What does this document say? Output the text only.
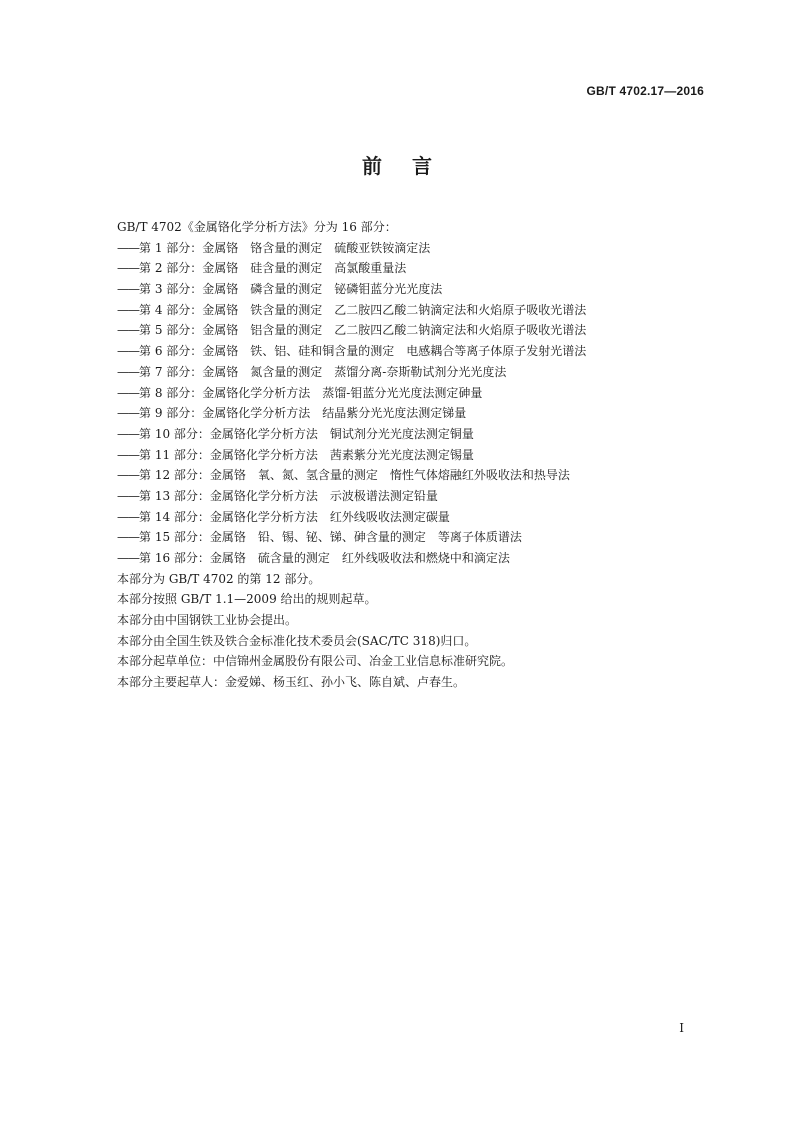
GB/T 4702.17—2016
前言
GB/T 4702《金属铬化学分析方法》分为 16 部分：
——第 1 部分：金属铬　铬含量的测定　硫酸亚铁铵滴定法
——第 2 部分：金属铬　硅含量的测定　高氯酸重量法
——第 3 部分：金属铬　磷含量的测定　铋磷钼蓝分光光度法
——第 4 部分：金属铬　铁含量的测定　乙二胺四乙酸二钠滴定法和火焰原子吸收光谱法
——第 5 部分：金属铬　铝含量的测定　乙二胺四乙酸二钠滴定法和火焰原子吸收光谱法
——第 6 部分：金属铬　铁、铝、硅和铜含量的测定　电感耦合等离子体原子发射光谱法
——第 7 部分：金属铬　氮含量的测定　蒸馏分离-奈斯勒试剂分光光度法
——第 8 部分：金属铬化学分析方法　蒸馏-钼蓝分光光度法测定砷量
——第 9 部分：金属铬化学分析方法　结晶紫分光光度法测定锑量
——第 10 部分：金属铬化学分析方法　铜试剂分光光度法测定铜量
——第 11 部分：金属铬化学分析方法　茜素紫分光光度法测定锡量
——第 12 部分：金属铬　氧、氮、氢含量的测定　惰性气体熔融红外吸收法和热导法
——第 13 部分：金属铬化学分析方法　示波极谱法测定铅量
——第 14 部分：金属铬化学分析方法　红外线吸收法测定碳量
——第 15 部分：金属铬　铅、锡、铋、锑、砷含量的测定　等离子体质谱法
——第 16 部分：金属铬　硫含量的测定　红外线吸收法和燃烧中和滴定法
本部分为 GB/T 4702 的第 12 部分。
本部分按照 GB/T 1.1—2009 给出的规则起草。
本部分由中国钢铁工业协会提出。
本部分由全国生铁及铁合金标准化技术委员会(SAC/TC 318)归口。
本部分起草单位：中信锦州金属股份有限公司、冶金工业信息标准研究院。
本部分主要起草人：金爱娣、杨玉红、孙小飞、陈自斌、卢春生。
I
